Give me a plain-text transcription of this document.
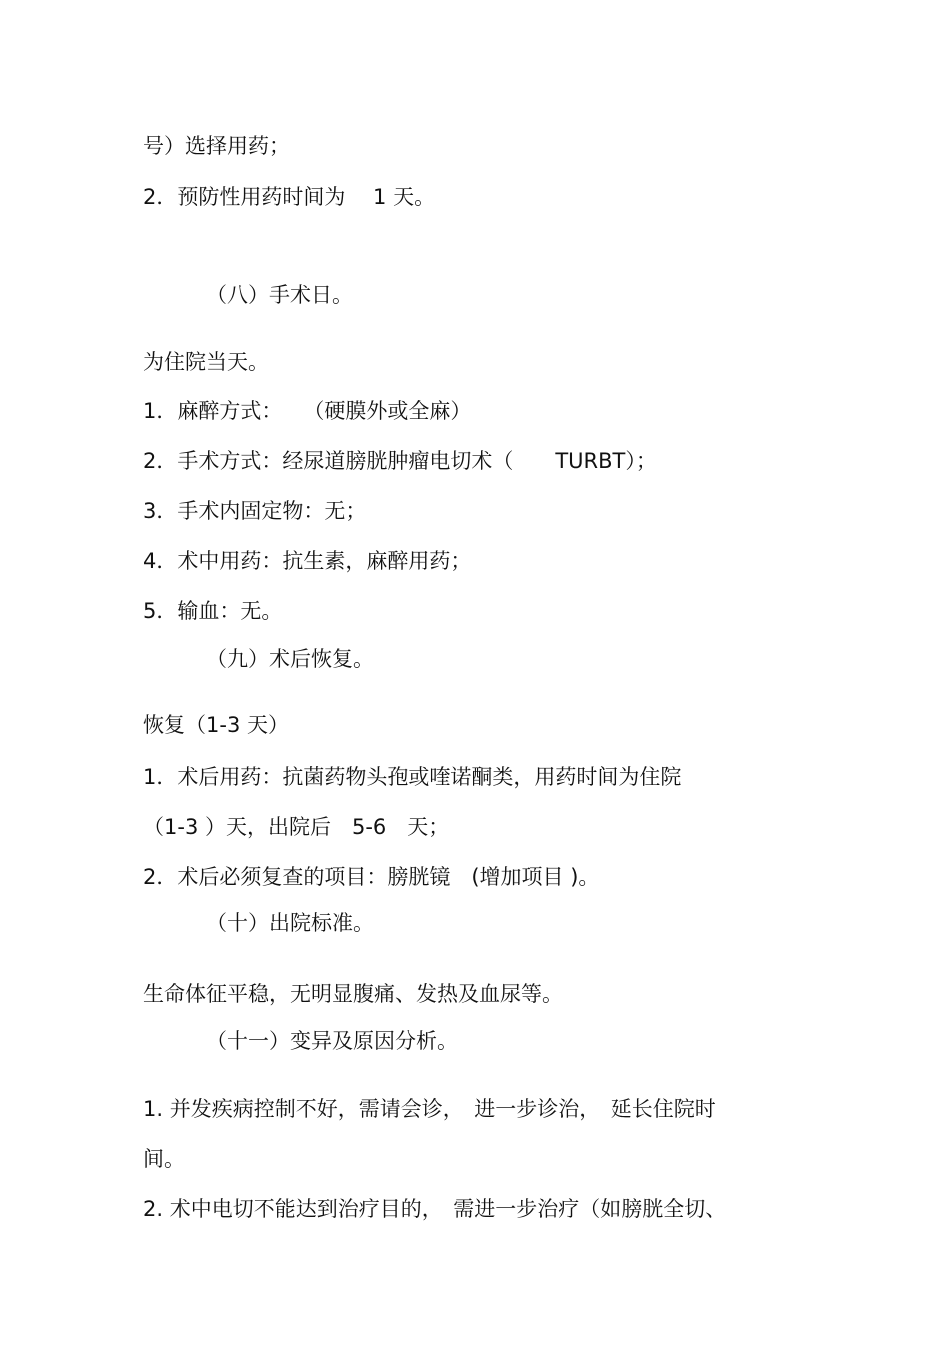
号）选择用药；
2．预防性用药时间为　 1 天。
（八）手术日。
为住院当天。
1．麻醉方式：　　（硬膜外或全麻）
2．手术方式：经尿道膀胱肿瘤电切术（　　TURBT）；
3．手术内固定物：无；
4．术中用药：抗生素，麻醉用药；
5．输血：无。
（九）术后恢复。
恢复（1-3 天）
1．术后用药：抗菌药物头孢或喹诺酮类，用药时间为住院
（1-3 ）天，出院后　5-6　天；
2．术后必须复查的项目：膀胱镜　(增加项目 )。
（十）出院标准。
生命体征平稳，无明显腹痛、发热及血尿等。
（十一）变异及原因分析。
1. 并发疾病控制不好，需请会诊，　进一步诊治，　延长住院时
间。
2. 术中电切不能达到治疗目的，　需进一步治疗（如膀胱全切、
